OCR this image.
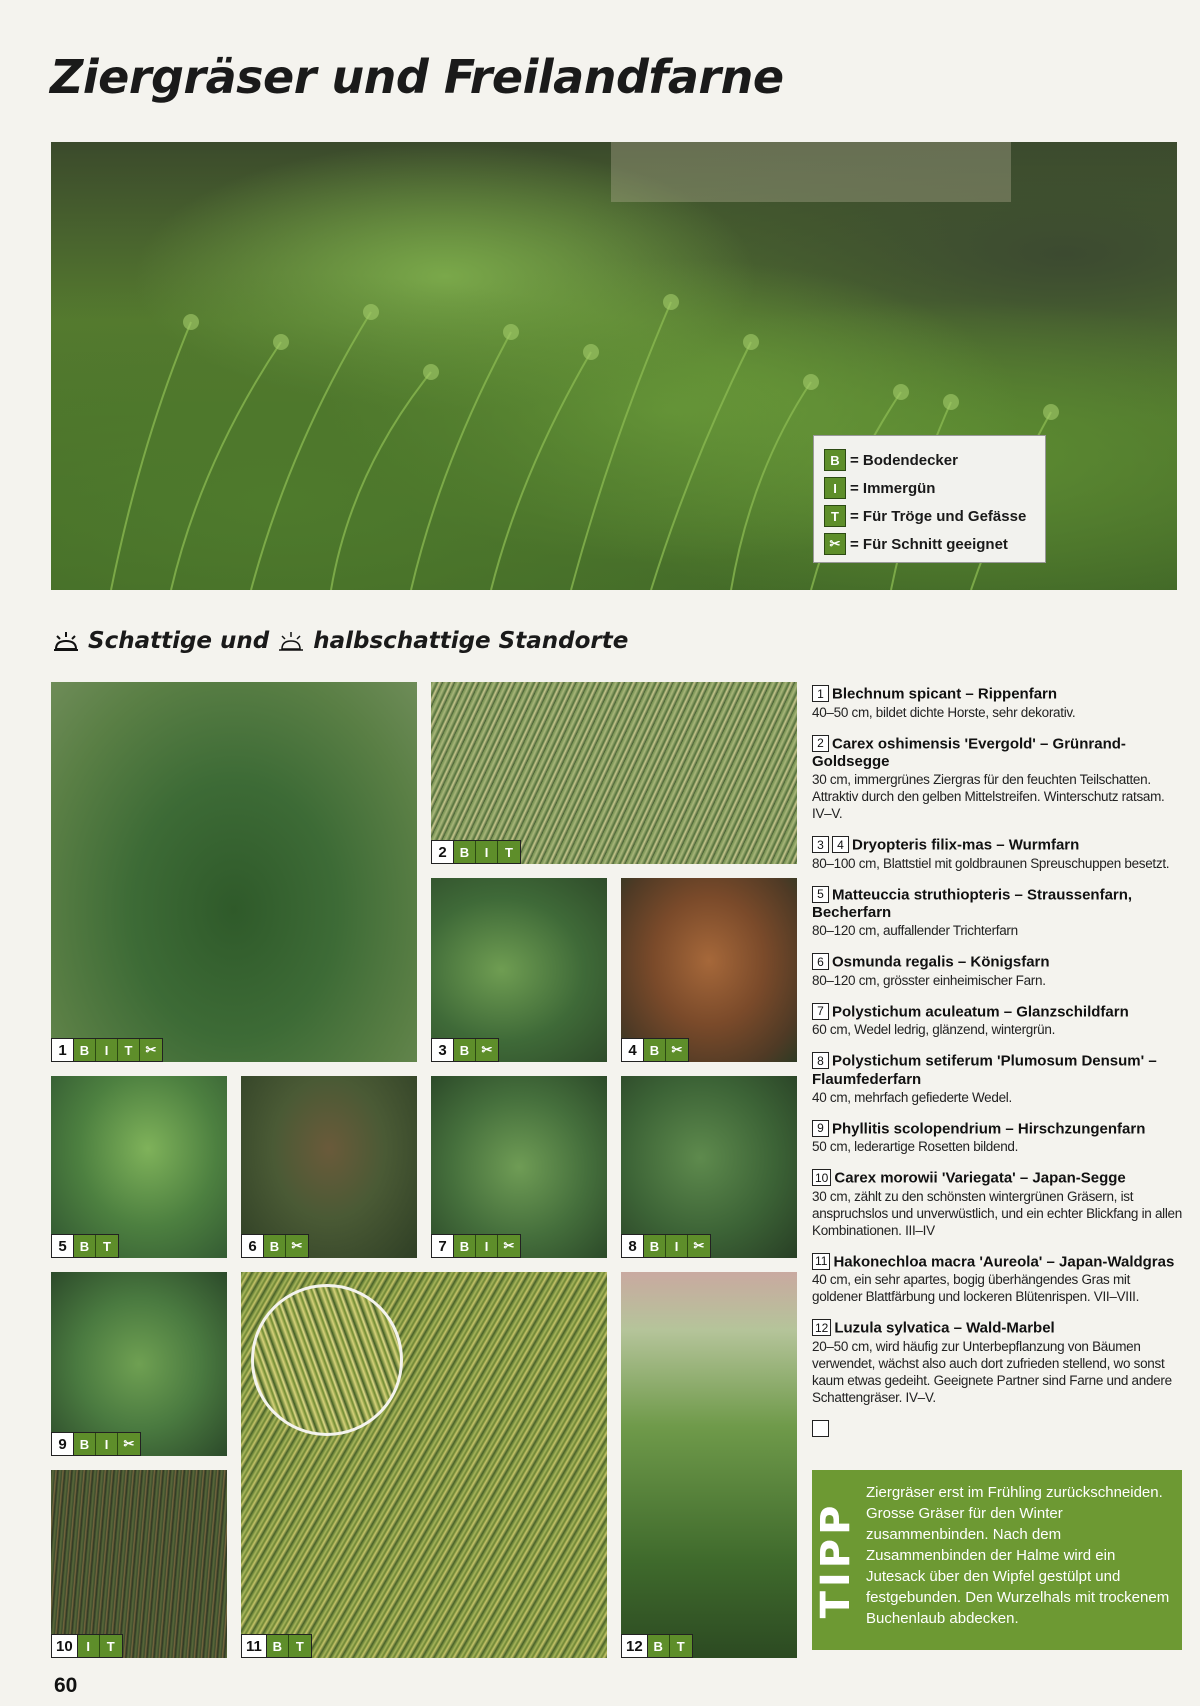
Ziergräser und Freilandfarne
B = Bodendecker
I = Immergün
T = Für Tröge und Gefässe
✂ = Für Schnitt geeignet
Schattige und halbschattige Standorte
1	B	I	T	✂
2	B	I	T
3	B ✂	4	B ✂
5	B	T	6	B ✂	7	B	I	✂	8	B	I	✂
9	B	I	✂
10	I	T	11 B	T	12 B	T
1 Blechnum spicant – Rippenfarn
40–50 cm, bildet dichte Horste, sehr dekorativ.
2 Carex oshimensis 'Evergold' – Grünrand-Goldsegge
30 cm, immergrünes Ziergras für den feuchten Teilschatten. Attraktiv durch den gelben Mittelstreifen. Winterschutz ratsam. IV–V.
3 4 Dryopteris filix-mas – Wurmfarn
80–100 cm, Blattstiel mit goldbraunen Spreuschuppen besetzt.
5 Matteuccia struthiopteris – Straussenfarn, Becherfarn
80–120 cm, auffallender Trichterfarn
6 Osmunda regalis – Königsfarn
80–120 cm, grösster einheimischer Farn.
7 Polystichum aculeatum – Glanzschildfarn
60 cm, Wedel ledrig, glänzend, wintergrün.
8 Polystichum setiferum 'Plumosum Densum' – Flaumfederfarn
40 cm, mehrfach gefiederte Wedel.
9 Phyllitis scolopendrium – Hirschzungenfarn
50 cm, lederartige Rosetten bildend.
10 Carex morowii 'Variegata' – Japan-Segge
30 cm, zählt zu den schönsten wintergrünen Gräsern, ist anspruchslos und unverwüstlich, und ein echter Blickfang in allen Kombinationen. III–IV
11 Hakonechloa macra 'Aureola' – Japan-Waldgras
40 cm, ein sehr apartes, bogig überhängendes Gras mit goldener Blattfärbung und lockeren Blütenrispen. VII–VIII.
12 Luzula sylvatica – Wald-Marbel
20–50 cm, wird häufig zur Unterbepflanzung von Bäumen verwendet, wächst also auch dort zufrieden stellend, wo sonst kaum etwas gedeiht. Geeignete Partner sind Farne und andere Schattengräser. IV–V.
TIPP
Ziergräser erst im Frühling zurückschneiden. Grosse Gräser für den Winter zusammenbinden. Nach dem Zusammenbinden der Halme wird ein Jutesack über den Wipfel gestülpt und festgebunden. Den Wurzelhals mit trockenem Buchenlaub abdecken.
60
